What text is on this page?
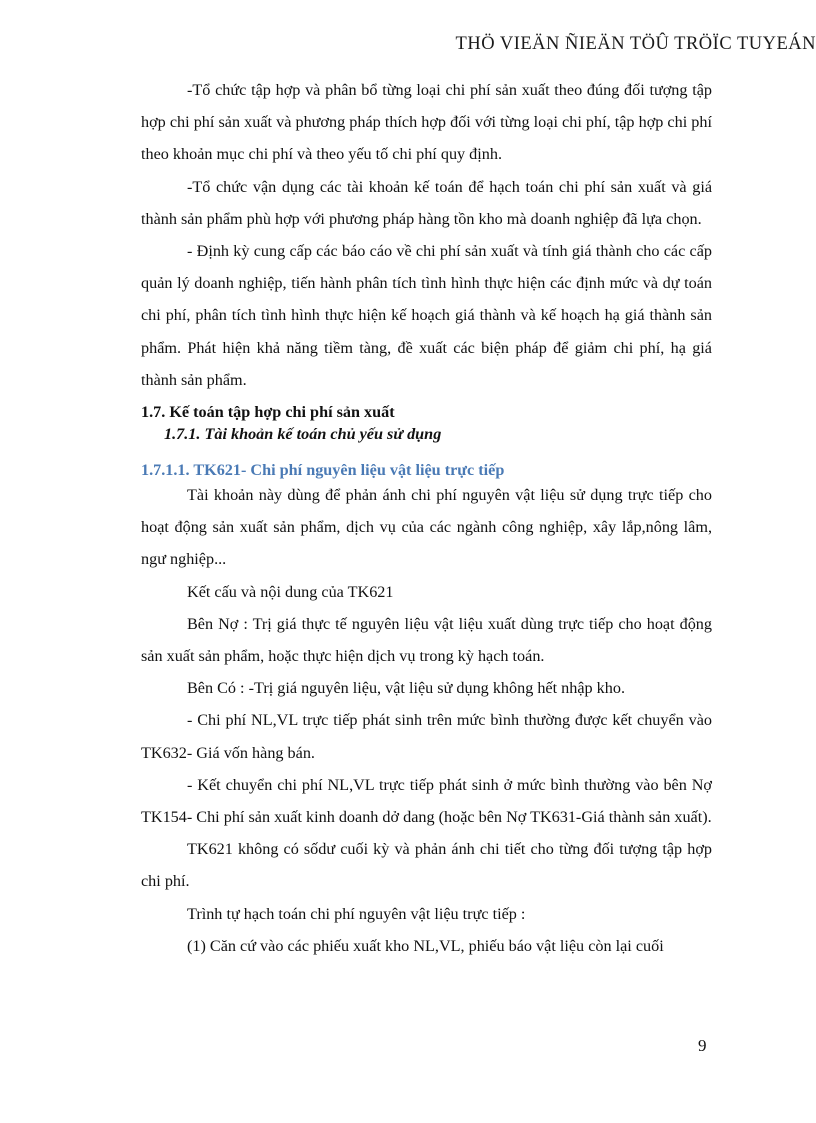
THÖ VIEÄN ÑIEÄN TÖÛ TRÖÏC TUYEÁN

-Tổ chức tập hợp và phân bổ từng loại chi phí sản xuất theo đúng đối tượng tập hợp chi phí sản xuất và phương pháp thích hợp đối với từng loại chi phí, tập hợp chi phí theo khoản mục chi phí và theo yếu tố chi phí quy định.

-Tổ chức vận dụng các tài khoản kế toán để hạch toán chi phí sản xuất và giá thành sản phẩm phù hợp với phương pháp hàng tồn kho mà doanh nghiệp đã lựa chọn.

- Định kỳ cung cấp các báo cáo về chi phí sản xuất và tính giá thành cho các cấp quản lý doanh nghiệp, tiến hành phân tích tình hình thực hiện các định mức và dự toán chi phí, phân tích tình hình thực hiện kế hoạch giá thành và kế hoạch hạ giá thành sản phẩm. Phát hiện khả năng tiềm tàng, đề xuất các biện pháp để giảm chi phí, hạ giá thành sản phẩm.

1.7. Kế toán tập hợp chi phí sản xuất

1.7.1. Tài khoản kế toán chủ yếu sử dụng

1.7.1.1. TK621- Chi phí nguyên liệu vật liệu trực tiếp

Tài khoản này dùng để phản ánh chi phí nguyên vật liệu sử dụng trực tiếp cho hoạt động sản xuất sản phẩm, dịch vụ của các ngành công nghiệp, xây lắp,nông lâm, ngư nghiệp...

Kết cấu và nội dung của TK621

Bên Nợ : Trị giá thực tế nguyên liệu vật liệu xuất dùng trực tiếp cho hoạt động sản xuất sản phẩm, hoặc thực hiện dịch vụ trong kỳ hạch toán.

Bên Có : -Trị giá nguyên liệu, vật liệu sử dụng không hết nhập kho.

- Chi phí NL,VL trực tiếp phát sinh trên mức bình thường được kết chuyển vào TK632- Giá vốn hàng bán.

- Kết chuyển chi phí NL,VL trực tiếp phát sinh ở mức bình thường vào bên Nợ TK154- Chi phí sản xuất kinh doanh dở dang (hoặc bên Nợ TK631-Giá thành sản xuất).

TK621 không có sốdư cuối kỳ và phản ánh chi tiết cho từng đối tượng tập hợp chi phí.

Trình tự hạch toán chi phí nguyên vật liệu trực tiếp :

(1) Căn cứ vào các phiếu xuất kho NL,VL, phiếu báo vật liệu còn lại cuối

9
